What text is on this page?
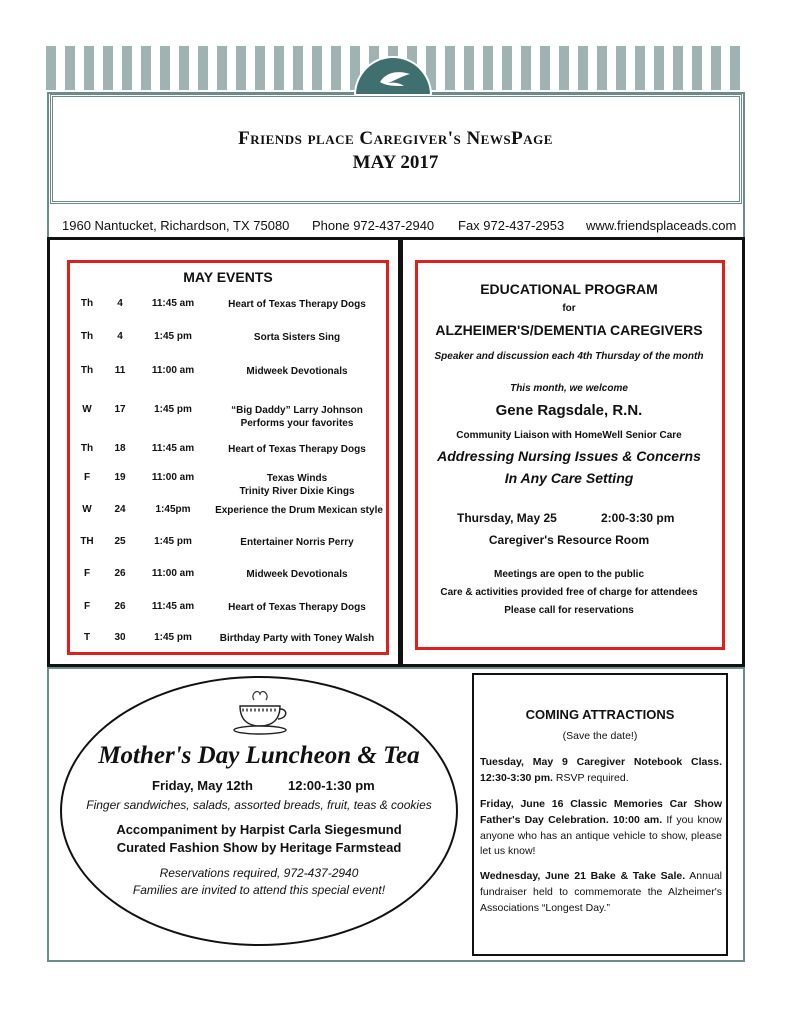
Friends place Caregiver's NewsPage
MAY 2017
1960 Nantucket, Richardson, TX 75080 Phone 972-437-2940 Fax 972-437-2953 www.friendsplaceads.com
MAY EVENTS
Th	4	11:45 am	Heart of Texas Therapy Dogs
Th	4	1:45 pm	Sorta Sisters Sing
Th	11	11:00 am	Midweek Devotionals
W	17	1:45 pm	“Big Daddy” Larry Johnson
Performs your favorites
Th	18	11:45 am	Heart of Texas Therapy Dogs
F	19	11:00 am	Texas Winds
Trinity River Dixie Kings
W	24	1:45pm	Experience the Drum Mexican style
TH	25	1:45 pm	Entertainer Norris Perry
F	26	11:00 am	Midweek Devotionals
F	26	11:45 am	Heart of Texas Therapy Dogs
T	30	1:45 pm	Birthday Party with Toney Walsh
EDUCATIONAL PROGRAM
for
ALZHEIMER'S/DEMENTIA CAREGIVERS
Speaker and discussion each 4th Thursday of the month
This month, we welcome
Gene Ragsdale, R.N.
Community Liaison with HomeWell Senior Care
Addressing Nursing Issues & Concerns
In Any Care Setting
Thursday, May 25	2:00-3:30 pm
Caregiver's Resource Room
Meetings are open to the public
Care & activities provided free of charge for attendees
Please call for reservations
Mother's Day Luncheon & Tea
Friday, May 12th	12:00-1:30 pm
Finger sandwiches, salads, assorted breads, fruit, teas & cookies
Accompaniment by Harpist Carla Siegesmund
Curated Fashion Show by Heritage Farmstead
Reservations required, 972-437-2940
Families are invited to attend this special event!
COMING ATTRACTIONS
(Save the date!)
Tuesday, May 9 Caregiver Notebook Class. 12:30-3:30 pm. RSVP required.
Friday, June 16 Classic Memories Car Show Father's Day Celebration. 10:00 am. If you know anyone who has an antique vehicle to show, please let us know!
Wednesday, June 21 Bake & Take Sale. Annual fundraiser held to commemorate the Alzheimer's Associations “Longest Day.”
